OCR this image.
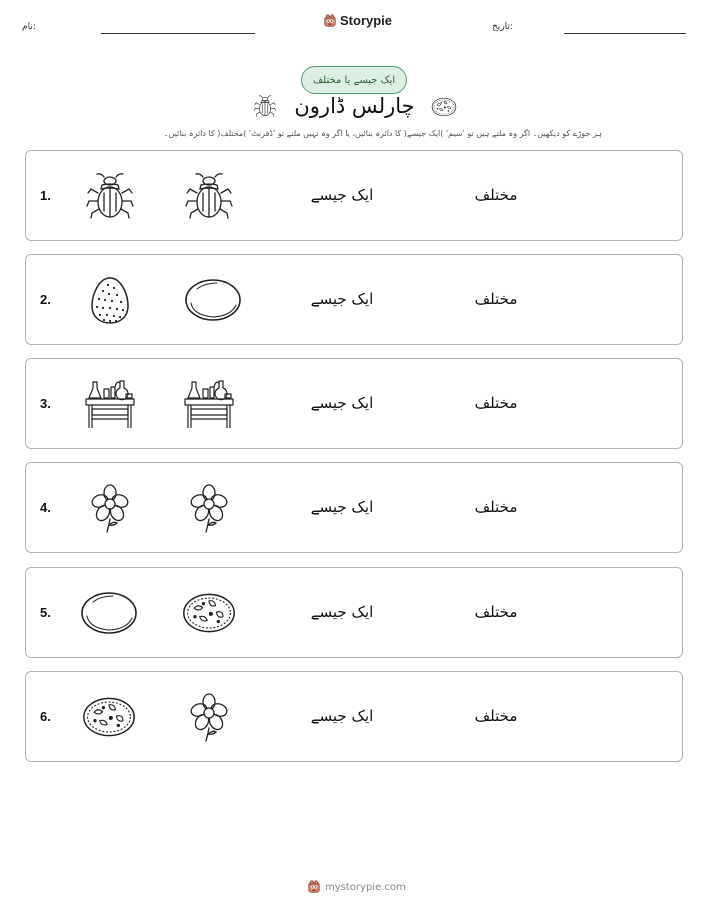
نام:	Storypie	تاریخ:
ایک جیسے یا مختلف
چارلس ڈارون
ہر جوڑے کو دیکھیں۔ اگر وہ ملتے ہیں تو 'سیم' )ایک جیسے( کا دائرہ بنائیں، یا اگر وہ نہیں ملتے تو 'ڈفرنٹ' )مختلف( کا دائرہ بنائیں۔
1.	ایک جیسے	مختلف
2.	ایک جیسے	مختلف
3.	ایک جیسے	مختلف
4.	ایک جیسے	مختلف
5.	ایک جیسے	مختلف
6.	ایک جیسے	مختلف
mystorypie.com
